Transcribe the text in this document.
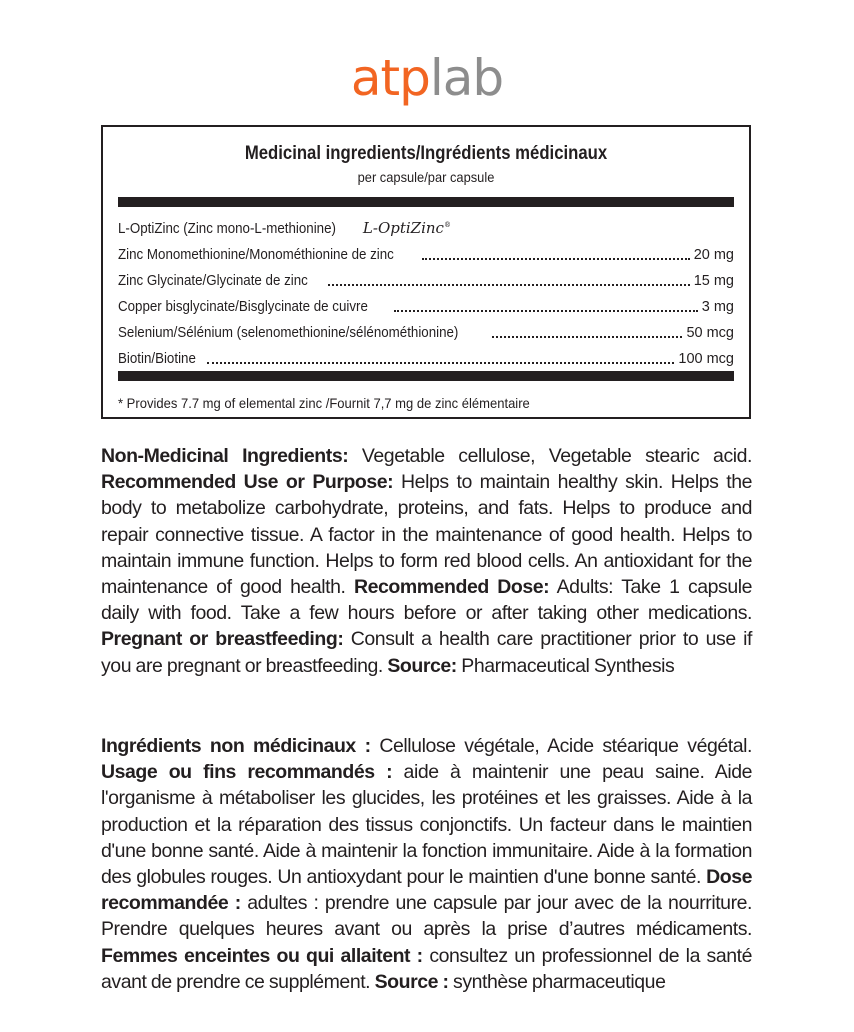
atplab
Medicinal ingredients/Ingrédients médicinaux
per capsule/par capsule
L-OptiZinc (Zinc mono-L-methionine) L-OptiZinc®
Zinc Monomethionine/Monométhionine de zinc	20 mg
Zinc Glycinate/Glycinate de zinc	15 mg
Copper bisglycinate/Bisglycinate de cuivre	3 mg
Selenium/Sélénium (selenomethionine/sélénométhionine)	50 mcg
Biotin/Biotine	100 mcg
* Provides 7.7 mg of elemental zinc /Fournit 7,7 mg de zinc élémentaire
Non-Medicinal Ingredients: Vegetable cellulose, Vegetable stearic acid. Recommended Use or Purpose: Helps to maintain healthy skin. Helps the body to metabolize carbohydrate, proteins, and fats. Helps to produce and repair connective tissue. A factor in the maintenance of good health. Helps to maintain immune function. Helps to form red blood cells. An antioxidant for the maintenance of good health. Recommended Dose: Adults: Take 1 capsule daily with food. Take a few hours before or after taking other medications. Pregnant or breastfeeding: Consult a health care practitioner prior to use if you are pregnant or breastfeeding. Source: Pharmaceutical Synthesis
Ingrédients non médicinaux : Cellulose végétale, Acide stéarique végétal. Usage ou fins recommandés : aide à maintenir une peau saine. Aide l'organisme à métaboliser les glucides, les protéines et les graisses. Aide à la production et la réparation des tissus conjonctifs. Un facteur dans le maintien d'une bonne santé. Aide à maintenir la fonction immunitaire. Aide à la formation des globules rouges. Un antioxydant pour le maintien d'une bonne santé. Dose recommandée : adultes : prendre une capsule par jour avec de la nourriture. Prendre quelques heures avant ou après la prise d’autres médicaments. Femmes enceintes ou qui allaitent : consultez un professionnel de la santé avant de prendre ce supplément. Source : synthèse pharmaceutique
